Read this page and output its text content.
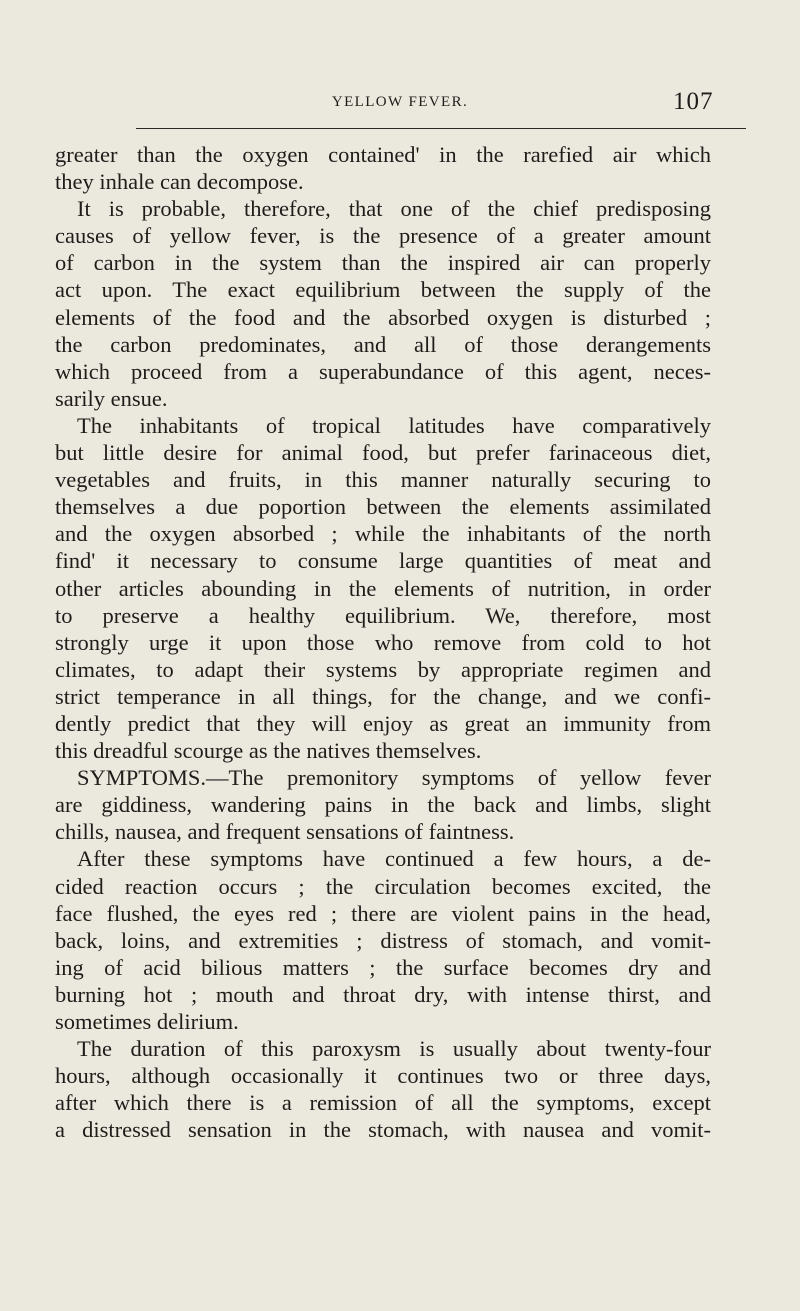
YELLOW FEVER.	107
greater than the oxygen contained' in the rarefied air which
they inhale can decompose.
It is probable, therefore, that one of the chief predisposing
causes of yellow fever, is the presence of a greater amount
of carbon in the system than the inspired air can properly
act upon. The exact equilibrium between the supply of the
elements of the food and the absorbed oxygen is disturbed ;
the carbon predominates, and all of those derangements
which proceed from a superabundance of this agent, neces-
sarily ensue.
The inhabitants of tropical latitudes have comparatively
but little desire for animal food, but prefer farinaceous diet,
vegetables and fruits, in this manner naturally securing to
themselves a due poportion between the elements assimilated
and the oxygen absorbed ; while the inhabitants of the north
find' it necessary to consume large quantities of meat and
other articles abounding in the elements of nutrition, in order
to preserve a healthy equilibrium. We, therefore, most
strongly urge it upon those who remove from cold to hot
climates, to adapt their systems by appropriate regimen and
strict temperance in all things, for the change, and we confi-
dently predict that they will enjoy as great an immunity from
this dreadful scourge as the natives themselves.
SYMPTOMS.—The premonitory symptoms of yellow fever
are giddiness, wandering pains in the back and limbs, slight
chills, nausea, and frequent sensations of faintness.
After these symptoms have continued a few hours, a de-
cided reaction occurs ; the circulation becomes excited, the
face flushed, the eyes red ; there are violent pains in the head,
back, loins, and extremities ; distress of stomach, and vomit-
ing of acid bilious matters ; the surface becomes dry and
burning hot ; mouth and throat dry, with intense thirst, and
sometimes delirium.
The duration of this paroxysm is usually about twenty-four
hours, although occasionally it continues two or three days,
after which there is a remission of all the symptoms, except
a distressed sensation in the stomach, with nausea and vomit-
